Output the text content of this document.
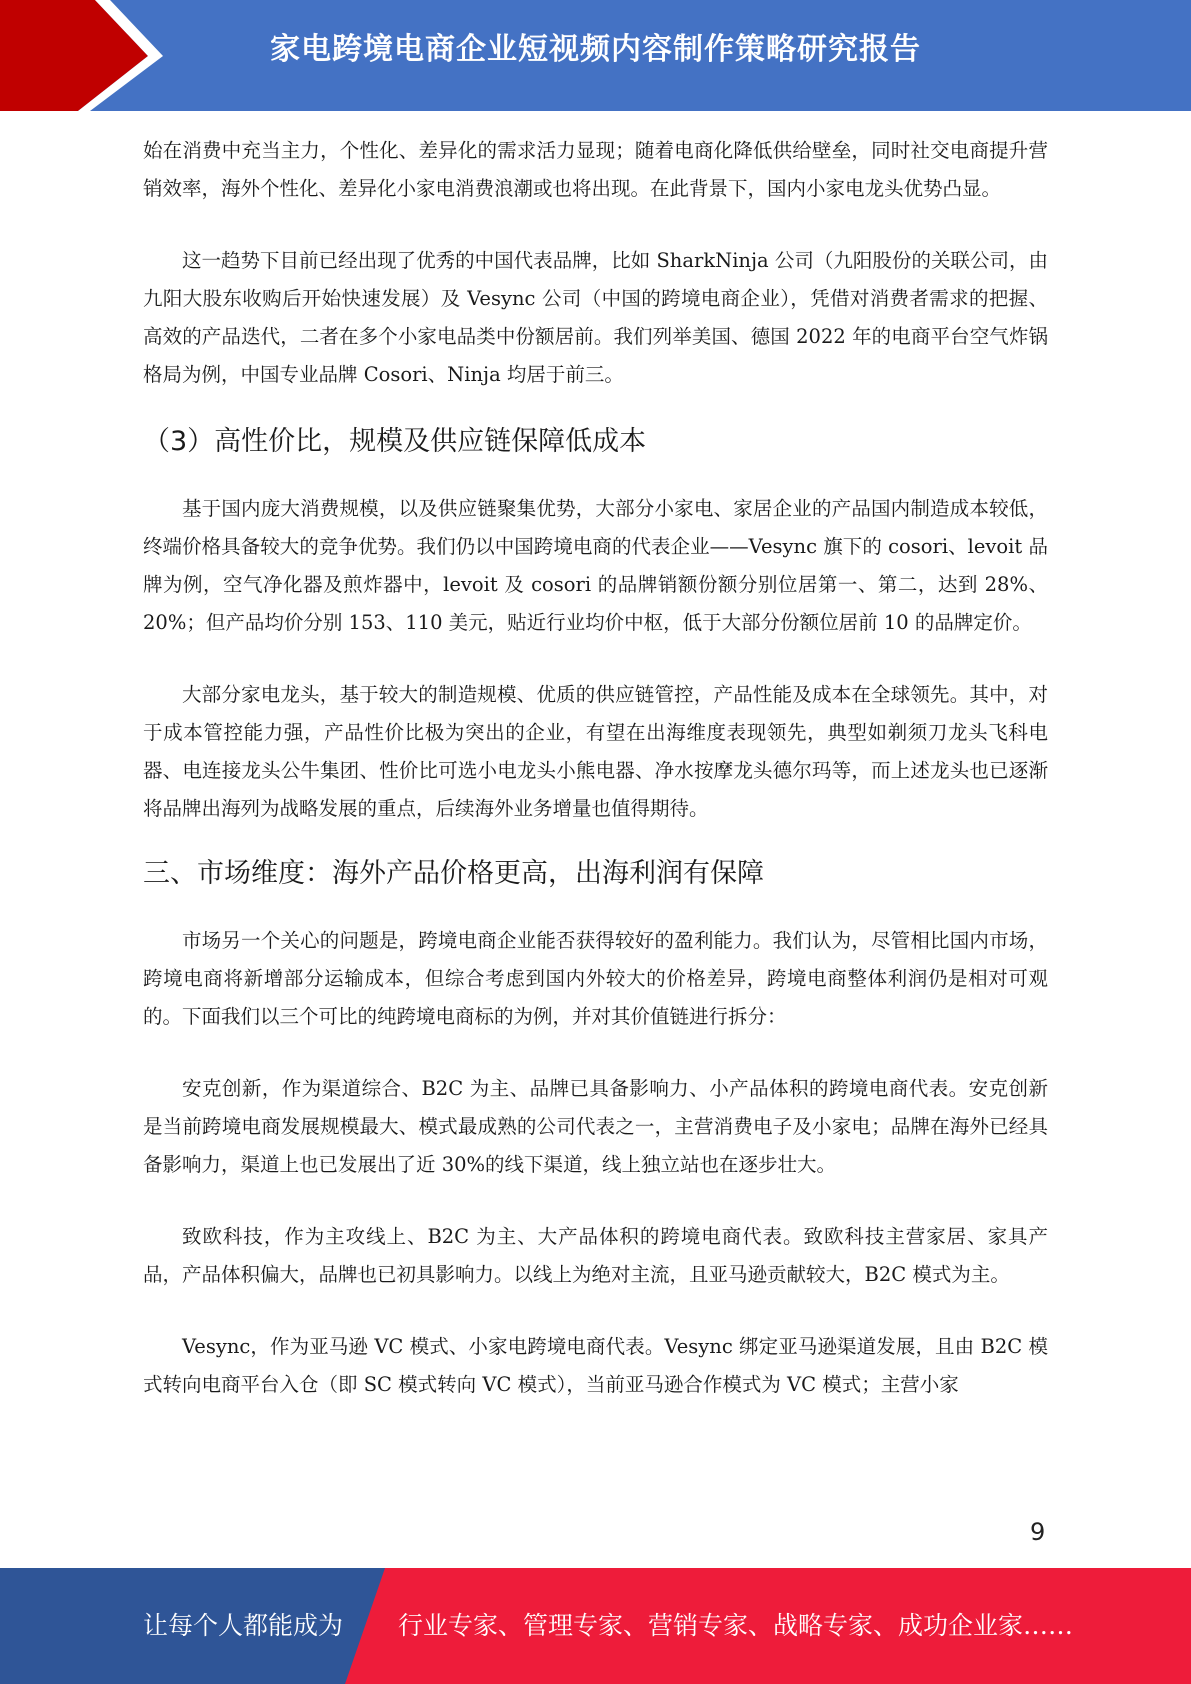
家电跨境电商企业短视频内容制作策略研究报告

始在消费中充当主力，个性化、差异化的需求活力显现；随着电商化降低供给壁垒，同时社交电商提升营销效率，海外个性化、差异化小家电消费浪潮或也将出现。在此背景下，国内小家电龙头优势凸显。

这一趋势下目前已经出现了优秀的中国代表品牌，比如 SharkNinja 公司（九阳股份的关联公司，由九阳大股东收购后开始快速发展）及 Vesync 公司（中国的跨境电商企业），凭借对消费者需求的把握、高效的产品迭代，二者在多个小家电品类中份额居前。我们列举美国、德国 2022 年的电商平台空气炸锅格局为例，中国专业品牌 Cosori、Ninja 均居于前三。

（3）高性价比，规模及供应链保障低成本

基于国内庞大消费规模，以及供应链聚集优势，大部分小家电、家居企业的产品国内制造成本较低，终端价格具备较大的竞争优势。我们仍以中国跨境电商的代表企业——Vesync 旗下的 cosori、levoit 品牌为例，空气净化器及煎炸器中，levoit 及 cosori 的品牌销额份额分别位居第一、第二，达到 28%、20%；但产品均价分别 153、110 美元，贴近行业均价中枢，低于大部分份额位居前 10 的品牌定价。

大部分家电龙头，基于较大的制造规模、优质的供应链管控，产品性能及成本在全球领先。其中，对于成本管控能力强，产品性价比极为突出的企业，有望在出海维度表现领先，典型如剃须刀龙头飞科电器、电连接龙头公牛集团、性价比可选小电龙头小熊电器、净水按摩龙头德尔玛等，而上述龙头也已逐渐将品牌出海列为战略发展的重点，后续海外业务增量也值得期待。

三、市场维度：海外产品价格更高，出海利润有保障

市场另一个关心的问题是，跨境电商企业能否获得较好的盈利能力。我们认为，尽管相比国内市场，跨境电商将新增部分运输成本，但综合考虑到国内外较大的价格差异，跨境电商整体利润仍是相对可观的。下面我们以三个可比的纯跨境电商标的为例，并对其价值链进行拆分：

安克创新，作为渠道综合、B2C 为主、品牌已具备影响力、小产品体积的跨境电商代表。安克创新是当前跨境电商发展规模最大、模式最成熟的公司代表之一，主营消费电子及小家电；品牌在海外已经具备影响力，渠道上也已发展出了近 30%的线下渠道，线上独立站也在逐步壮大。

致欧科技，作为主攻线上、B2C 为主、大产品体积的跨境电商代表。致欧科技主营家居、家具产品，产品体积偏大，品牌也已初具影响力。以线上为绝对主流，且亚马逊贡献较大，B2C 模式为主。

Vesync，作为亚马逊 VC 模式、小家电跨境电商代表。Vesync 绑定亚马逊渠道发展，且由 B2C 模式转向电商平台入仓（即 SC 模式转向 VC 模式），当前亚马逊合作模式为 VC 模式；主营小家

9
让每个人都能成为 行业专家、管理专家、营销专家、战略专家、成功企业家……
